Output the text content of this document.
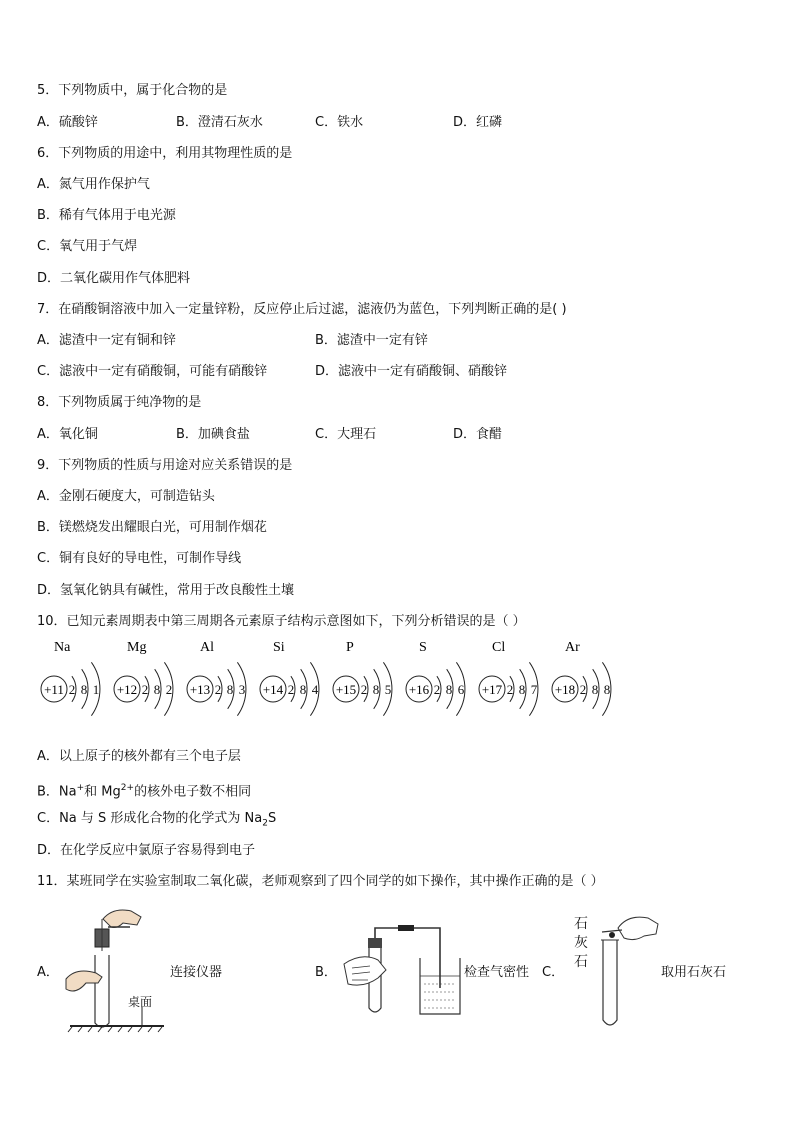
5．下列物质中，属于化合物的是
A．硫酸锌	B．澄清石灰水	C．铁水	D．红磷
6．下列物质的用途中，利用其物理性质的是
A．氮气用作保护气
B．稀有气体用于电光源
C．氧气用于气焊
D．二氧化碳用作气体肥料
7．在硝酸铜溶液中加入一定量锌粉，反应停止后过滤，滤液仍为蓝色，下列判断正确的是( )
A．滤渣中一定有铜和锌	B．滤渣中一定有锌
C．滤液中一定有硝酸铜，可能有硝酸锌	D．滤液中一定有硝酸铜、硝酸锌
8．下列物质属于纯净物的是
A．氧化铜	B．加碘食盐	C．大理石	D．食醋
9．下列物质的性质与用途对应关系错误的是
A．金刚石硬度大，可制造钻头
B．镁燃烧发出耀眼白光，可用制作烟花
C．铜有良好的导电性，可制作导线
D．氢氧化钠具有碱性，常用于改良酸性土壤
10．已知元素周期表中第三周期各元素原子结构示意图如下，下列分析错误的是（ ）
Na
+11 2 8 1
Mg
+12 2 8 2
Al
+13 2 8 3
Si
+14 2 8 4
P
+15 2 8 5
S
+16 2 8 6
Cl
+17 2 8 7
Ar
+18 2 8 8
A．以上原子的核外都有三个电子层
B．Na+和 $Mg^{2+}$的核外电子数不相同
C．Na 与 S 形成化合物的化学式为 $Na_2S$
D．在化学反应中氯原子容易得到电子
11．某班同学在实验室制取二氧化碳，老师观察到了四个同学的如下操作，其中操作正确的是（ ）
A．
桌面
连接仪器	B．	检查气密性 C．
石
灰
石
取用石灰石
